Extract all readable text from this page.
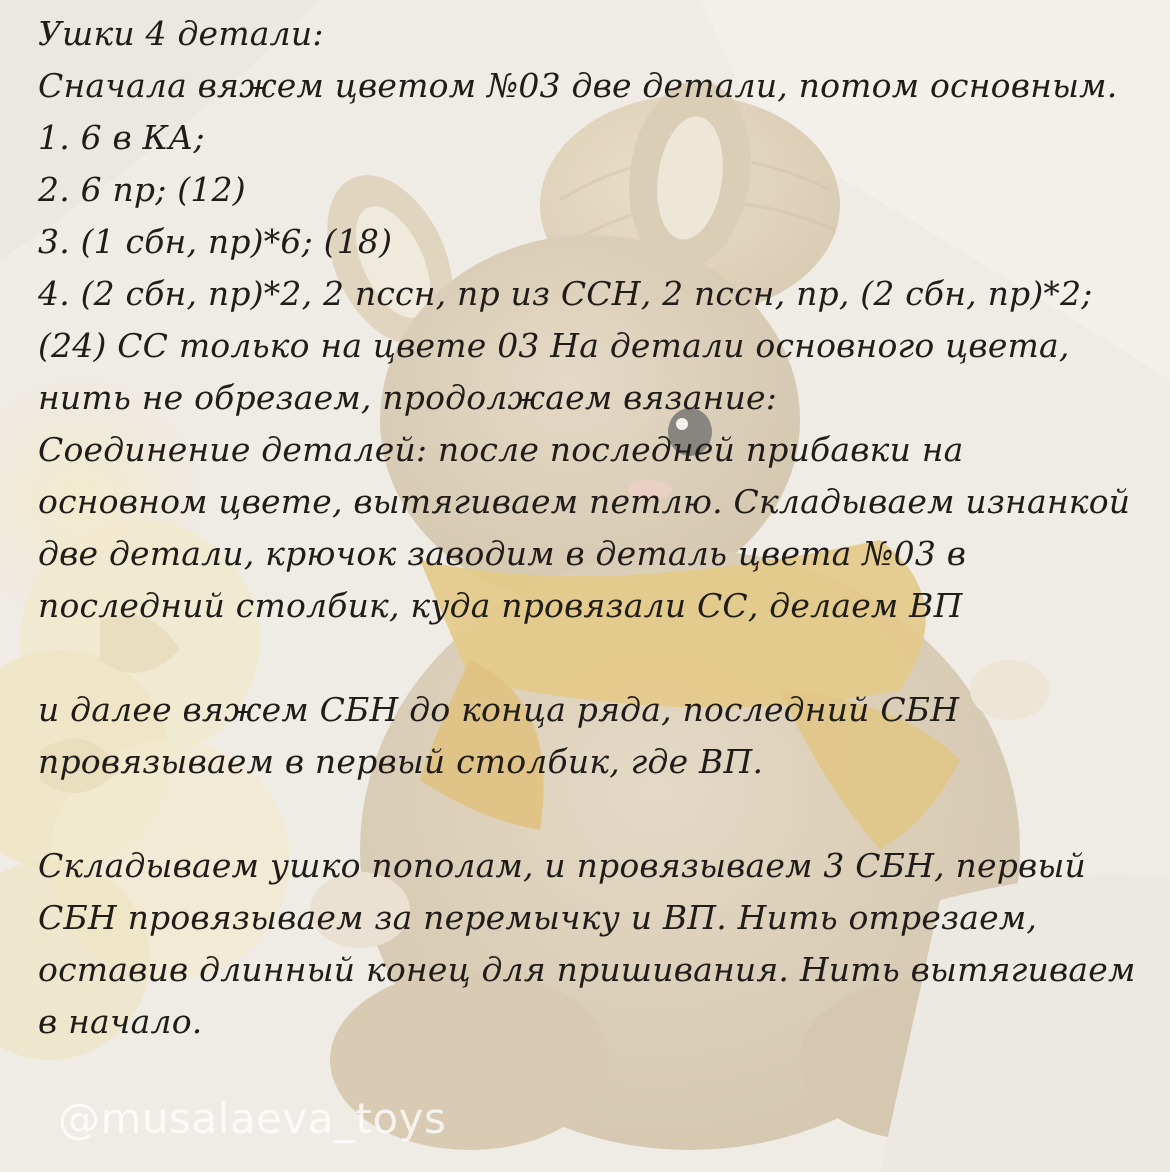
Ушки 4 детали:

Сначала вяжем цветом №03 две детали, потом основным.

1. 6 в КА;

2. 6 пр; (12)

3. (1 сбн, пр)*6; (18)

4. (2 сбн, пр)*2, 2 пссн, пр из ССН, 2 пссн, пр, (2 сбн, пр)*2; (24) СС только на цвете 03 На детали основного цвета, нить не обрезаем, продолжаем вязание:

Соединение деталей: после последней прибавки на основном цвете, вытягиваем петлю. Складываем изнанкой две детали, крючок заводим в деталь цвета №03 в последний столбик, куда провязали СС, делаем ВП

и далее вяжем СБН до конца ряда, последний СБН провязываем в первый столбик, где ВП.

Складываем ушко пополам, и провязываем 3 СБН, первый СБН провязываем за перемычку и ВП. Нить отрезаем, оставив длинный конец для пришивания. Нить вытягиваем в начало.

@musalaeva_toys
